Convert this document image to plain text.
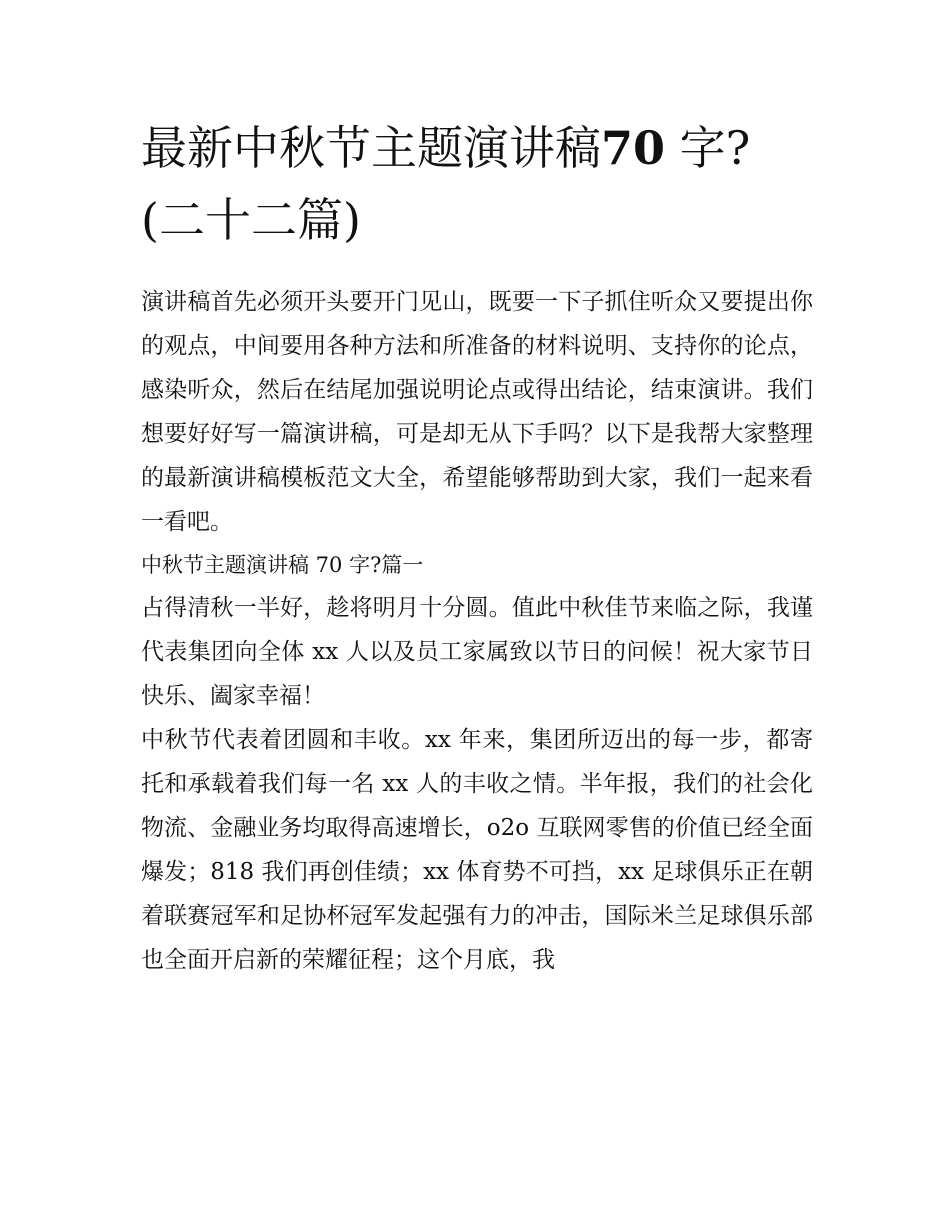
最新中秋节主题演讲稿70 字?
(二十二篇)

演讲稿首先必须开头要开门见山，既要一下子抓住听众又要提出你的观点，中间要用各种方法和所准备的材料说明、支持你的论点，感染听众，然后在结尾加强说明论点或得出结论，结束演讲。我们想要好好写一篇演讲稿，可是却无从下手吗？以下是我帮大家整理的最新演讲稿模板范文大全，希望能够帮助到大家，我们一起来看一看吧。

中秋节主题演讲稿 70 字?篇一

占得清秋一半好，趁将明月十分圆。值此中秋佳节来临之际，我谨代表集团向全体 xx 人以及员工家属致以节日的问候！祝大家节日快乐、阖家幸福！

中秋节代表着团圆和丰收。xx 年来，集团所迈出的每一步，都寄托和承载着我们每一名 xx 人的丰收之情。半年报，我们的社会化物流、金融业务均取得高速增长，o2o 互联网零售的价值已经全面爆发；818 我们再创佳绩；xx 体育势不可挡，xx 足球俱乐正在朝着联赛冠军和足协杯冠军发起强有力的冲击，国际米兰足球俱乐部也全面开启新的荣耀征程；这个月底，我
